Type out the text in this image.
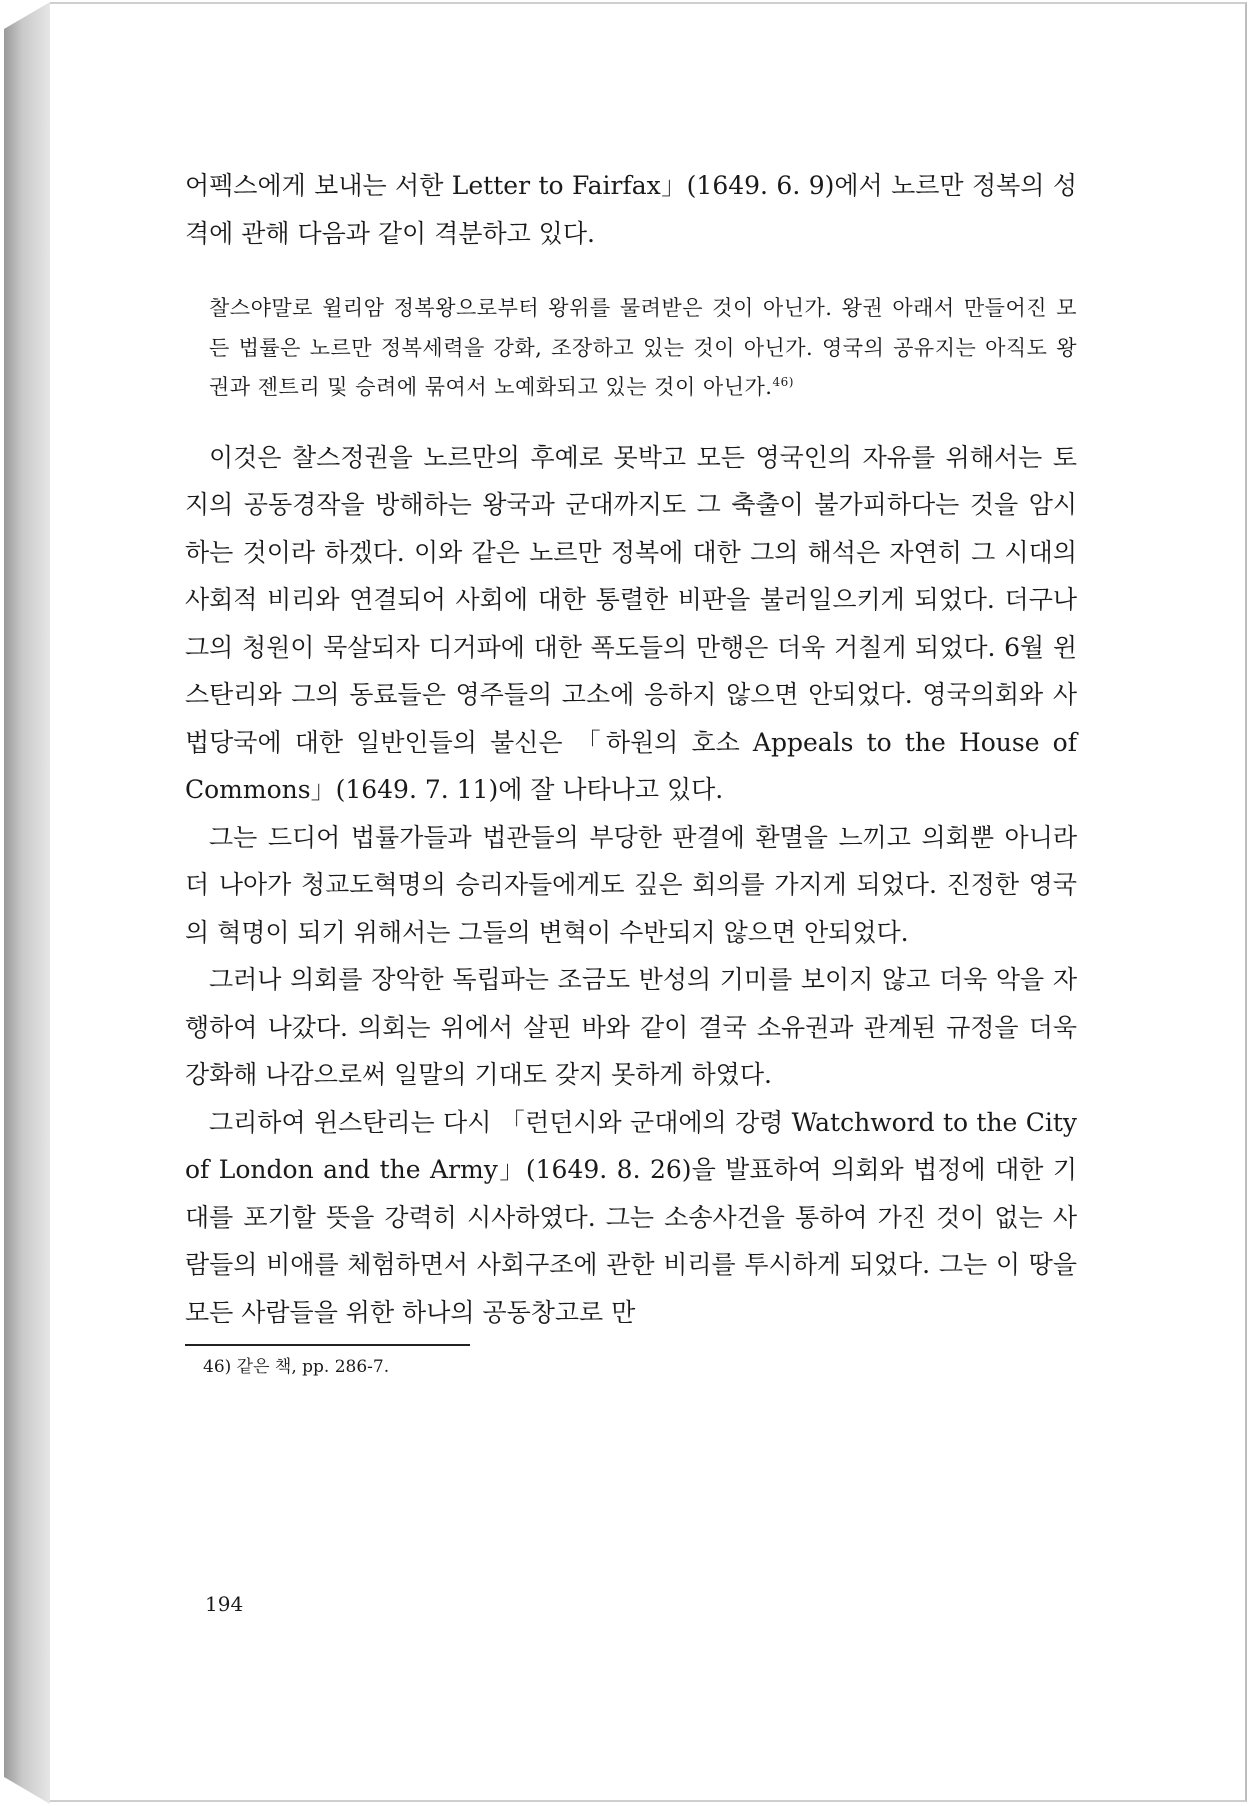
어펙스에게 보내는 서한 Letter to Fairfax」(1649. 6. 9)에서 노르만 정복의 성격에 관해 다음과 같이 격분하고 있다.

찰스야말로 윌리암 정복왕으로부터 왕위를 물려받은 것이 아닌가. 왕권 아래서 만들어진 모든 법률은 노르만 정복세력을 강화, 조장하고 있는 것이 아닌가. 영국의 공유지는 아직도 왕권과 젠트리 및 승려에 묶여서 노예화되고 있는 것이 아닌가.$^{46)}$

이것은 찰스정권을 노르만의 후예로 못박고 모든 영국인의 자유를 위해서는 토지의 공동경작을 방해하는 왕국과 군대까지도 그 축출이 불가피하다는 것을 암시하는 것이라 하겠다. 이와 같은 노르만 정복에 대한 그의 해석은 자연히 그 시대의 사회적 비리와 연결되어 사회에 대한 통렬한 비판을 불러일으키게 되었다. 더구나 그의 청원이 묵살되자 디거파에 대한 폭도들의 만행은 더욱 거칠게 되었다. 6월 윈스탄리와 그의 동료들은 영주들의 고소에 응하지 않으면 안되었다. 영국의회와 사법당국에 대한 일반인들의 불신은 「하원의 호소 Appeals to the House of Commons」(1649. 7. 11)에 잘 나타나고 있다.

그는 드디어 법률가들과 법관들의 부당한 판결에 환멸을 느끼고 의회뿐 아니라 더 나아가 청교도혁명의 승리자들에게도 깊은 회의를 가지게 되었다. 진정한 영국의 혁명이 되기 위해서는 그들의 변혁이 수반되지 않으면 안되었다.

그러나 의회를 장악한 독립파는 조금도 반성의 기미를 보이지 않고 더욱 악을 자행하여 나갔다. 의회는 위에서 살핀 바와 같이 결국 소유권과 관계된 규정을 더욱 강화해 나감으로써 일말의 기대도 갖지 못하게 하였다.

그리하여 윈스탄리는 다시 「런던시와 군대에의 강령 Watchword to the City of London and the Army」(1649. 8. 26)을 발표하여 의회와 법정에 대한 기대를 포기할 뜻을 강력히 시사하였다. 그는 소송사건을 통하여 가진 것이 없는 사람들의 비애를 체험하면서 사회구조에 관한 비리를 투시하게 되었다. 그는 이 땅을 모든 사람들을 위한 하나의 공동창고로 만

46) 같은 책, pp. 286-7.

194
